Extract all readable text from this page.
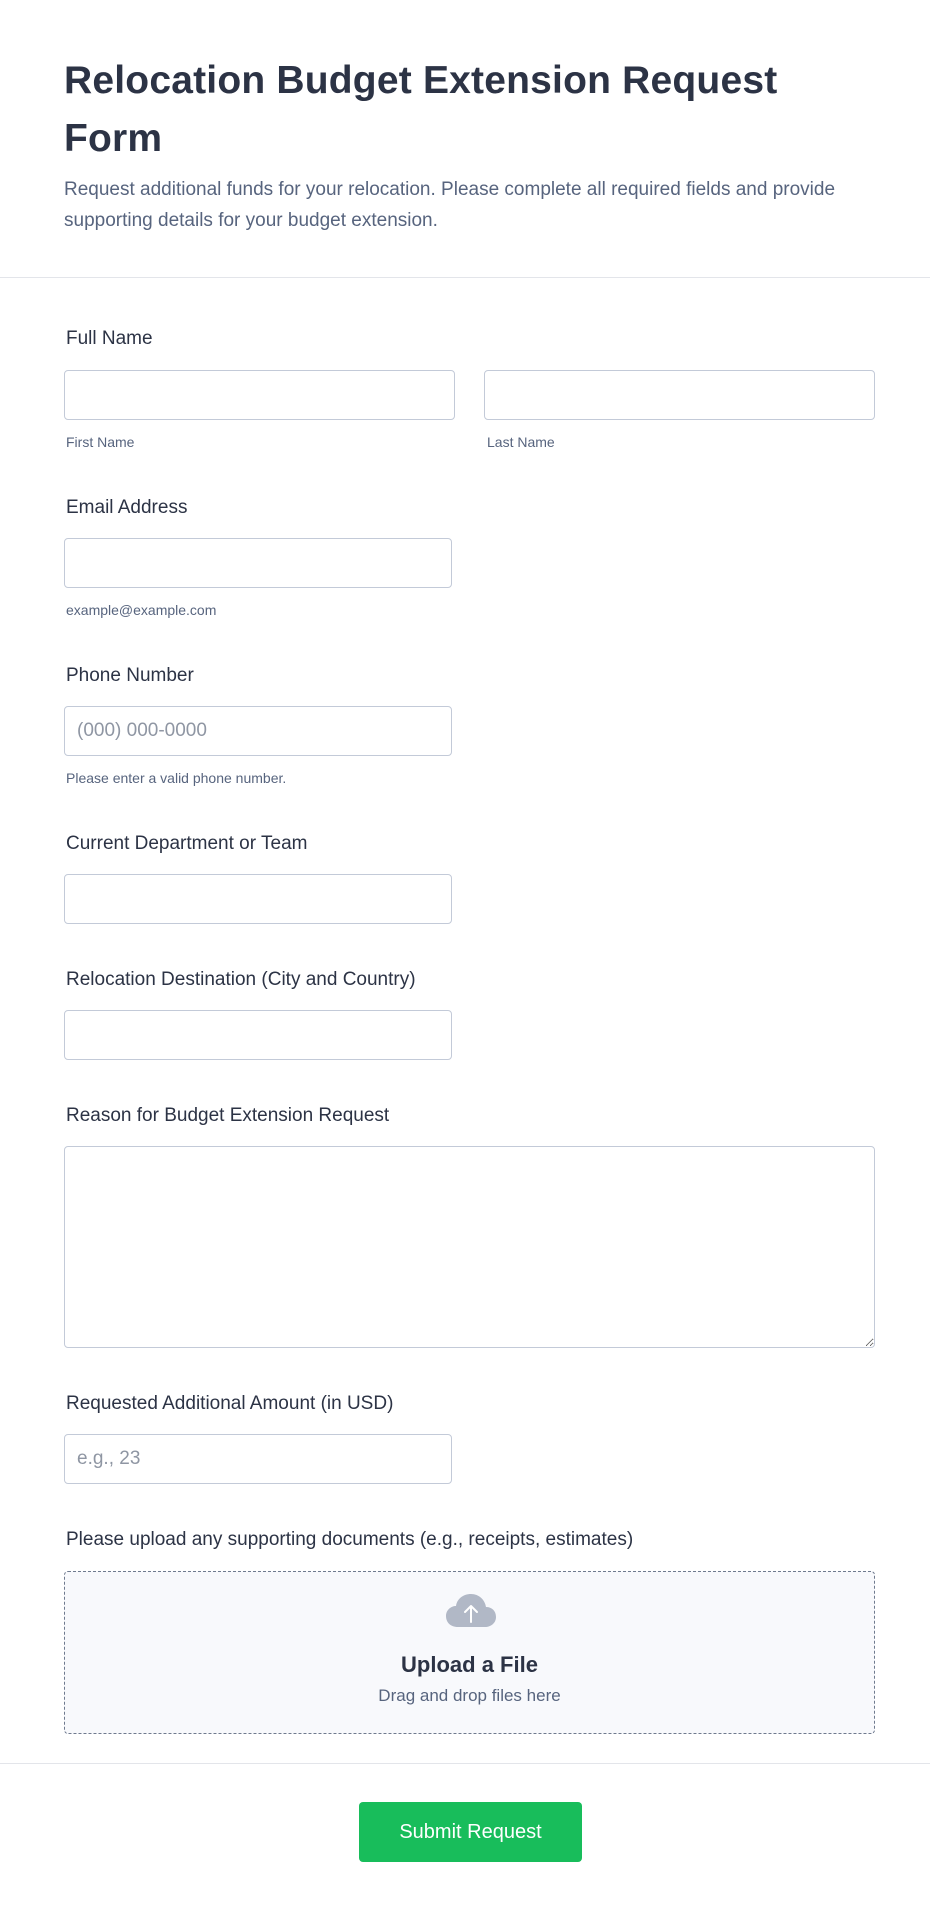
Relocation Budget Extension Request Form

Request additional funds for your relocation. Please complete all required fields and provide supporting details for your budget extension.

Full Name
First Name	Last Name
Email Address
example@example.com
Phone Number
(000) 000-0000
Please enter a valid phone number.
Current Department or Team
Relocation Destination (City and Country)
Reason for Budget Extension Request
Requested Additional Amount (in USD)
e.g., 23
Please upload any supporting documents (e.g., receipts, estimates)
Upload a File
Drag and drop files here
Submit Request
